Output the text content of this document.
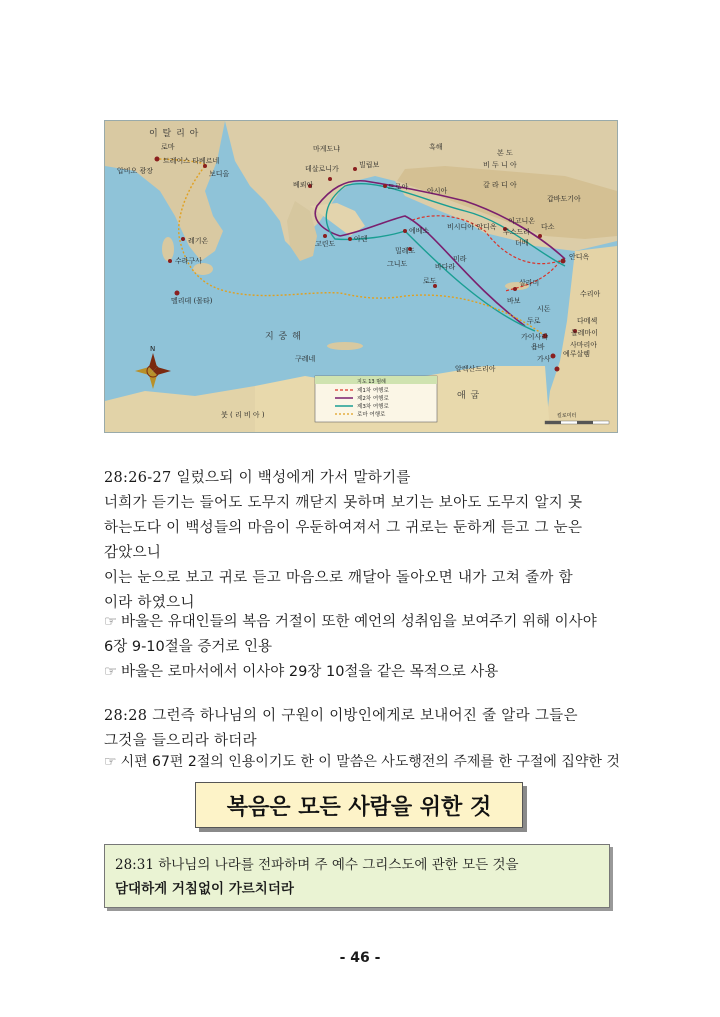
이 탈 리 아
마게도냐	흑해
본 도
비 두 니 아
갈 라 디 아
갑바도기아
아시아
지 중 해
애 굽
붓 ( 리 비 아 )
수리아
로마
트레이스 타베르네
압비오 광장	보디올
레기온
수라구사
멜리데 (몰타)
빌립보
데살로니가
베뢰아
아덴
고린도
드로아
에베소
밀레도
로도
바다라
미라
그니도
살라미
바보
두로
시돈
가이사랴
욥바
예루살렘
다메섹
안디옥
다소
이고니온
루스드라
더베
비시디아 안디옥
구레네
알렉산드리아
가사
사마리아
돌레마이
N
지도 13 범례
제1차 여행로
제2차 여행로
제3차 여행로
로마 여행로	킬로미터
28:26-27 일렀으되 이 백성에게 가서 말하기를
너희가 듣기는 들어도 도무지 깨닫지 못하며 보기는 보아도 도무지 알지 못
하는도다 이 백성들의 마음이 우둔하여져서 그 귀로는 둔하게 듣고 그 눈은
감았으니
이는 눈으로 보고 귀로 듣고 마음으로 깨달아 돌아오면 내가 고쳐 줄까 함
이라 하였으니
☞ 바울은 유대인들의 복음 거절이 또한 예언의 성취임을 보여주기 위해 이사야
6장 9-10절을 증거로 인용
☞ 바울은 로마서에서 이사야 29장 10절을 같은 목적으로 사용
28:28 그런즉 하나님의 이 구원이 이방인에게로 보내어진 줄 알라 그들은
그것을 들으리라 하더라
☞ 시편 67편 2절의 인용이기도 한 이 말씀은 사도행전의 주제를 한 구절에 집약한 것
복음은 모든 사람을 위한 것
28:31 하나님의 나라를 전파하며 주 예수 그리스도에 관한 모든 것을
담대하게 거침없이 가르치더라
- 46 -
